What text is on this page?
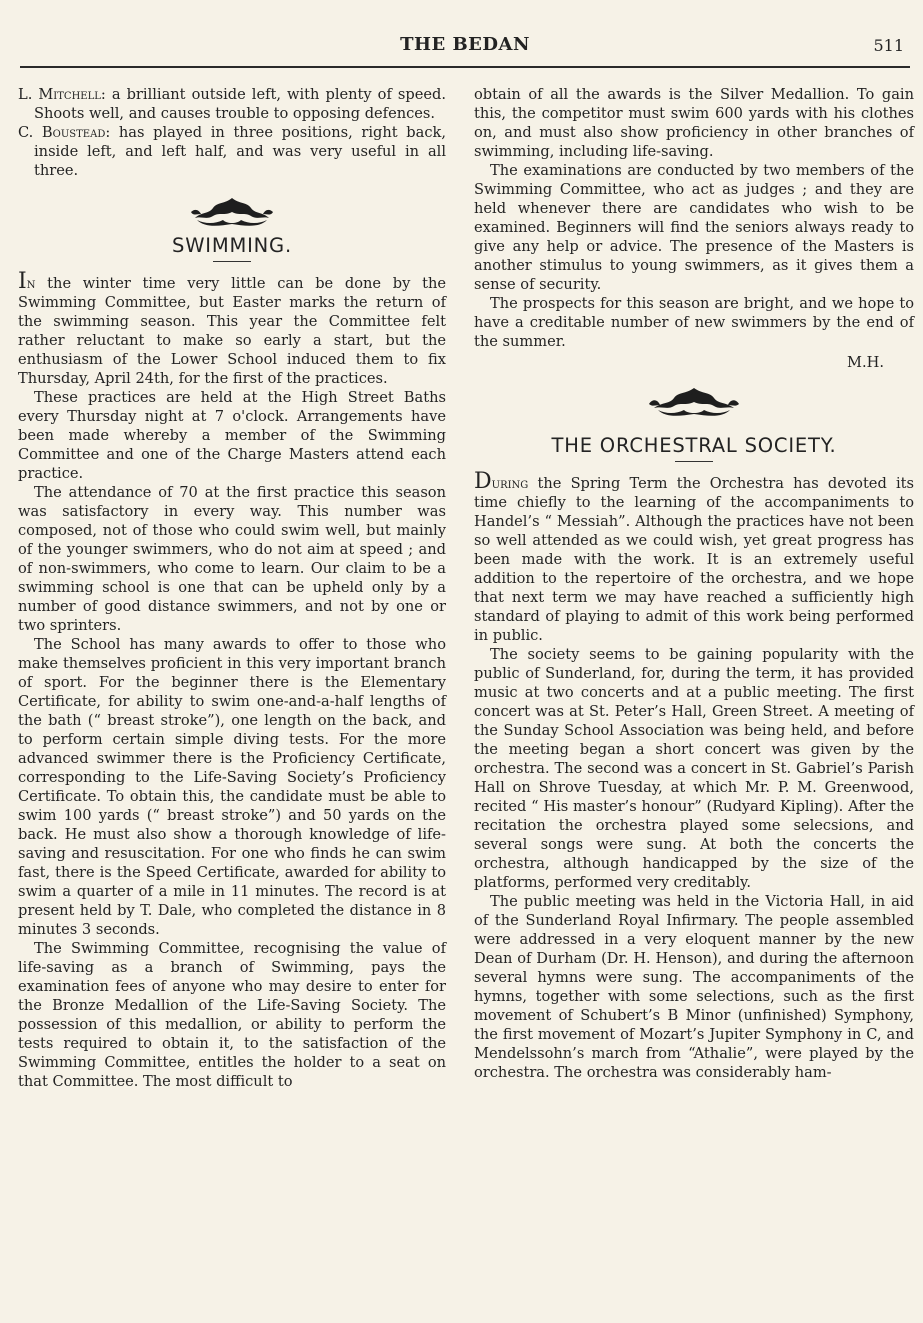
THE BEDAN	511

L. Mitchell: a brilliant outside left, with plenty of speed. Shoots well, and causes trouble to opposing defences.

C. Boustead: has played in three positions, right back, inside left, and left half, and was very useful in all three.

SWIMMING.

In the winter time very little can be done by the Swimming Committee, but Easter marks the return of the swimming season. This year the Committee felt rather reluctant to make so early a start, but the enthusiasm of the Lower School induced them to fix Thursday, April 24th, for the first of the practices.

These practices are held at the High Street Baths every Thursday night at 7 o'clock. Arrangements have been made whereby a member of the Swimming Committee and one of the Charge Masters attend each practice.

The attendance of 70 at the first practice this season was satisfactory in every way. This number was composed, not of those who could swim well, but mainly of the younger swimmers, who do not aim at speed ; and of non-swimmers, who come to learn. Our claim to be a swimming school is one that can be upheld only by a number of good distance swimmers, and not by one or two sprinters.

The School has many awards to offer to those who make themselves proficient in this very important branch of sport. For the beginner there is the Elementary Certificate, for ability to swim one-and-a-half lengths of the bath (“ breast stroke”), one length on the back, and to perform certain simple diving tests. For the more advanced swimmer there is the Proficiency Certificate, corresponding to the Life-Saving Society’s Proficiency Certificate. To obtain this, the candidate must be able to swim 100 yards (“ breast stroke”) and 50 yards on the back. He must also show a thorough knowledge of life-saving and resuscitation. For one who finds he can swim fast, there is the Speed Certificate, awarded for ability to swim a quarter of a mile in 11 minutes. The record is at present held by T. Dale, who completed the distance in 8 minutes 3 seconds.

The Swimming Committee, recognising the value of life-saving as a branch of Swimming, pays the examination fees of anyone who may desire to enter for the Bronze Medallion of the Life-Saving Society. The possession of this medallion, or ability to perform the tests required to obtain it, to the satisfaction of the Swimming Committee, entitles the holder to a seat on that Committee. The most difficult to

obtain of all the awards is the Silver Medallion. To gain this, the competitor must swim 600 yards with his clothes on, and must also show proficiency in other branches of swimming, including life-saving.

The examinations are conducted by two members of the Swimming Committee, who act as judges ; and they are held whenever there are candidates who wish to be examined. Beginners will find the seniors always ready to give any help or advice. The presence of the Masters is another stimulus to young swimmers, as it gives them a sense of security.

The prospects for this season are bright, and we hope to have a creditable number of new swimmers by the end of the summer.

M.H.
THE ORCHESTRAL SOCIETY.

During the Spring Term the Orchestra has devoted its time chiefly to the learning of the accompaniments to Handel’s “ Messiah”. Although the practices have not been so well attended as we could wish, yet great progress has been made with the work. It is an extremely useful addition to the repertoire of the orchestra, and we hope that next term we may have reached a sufficiently high standard of playing to admit of this work being performed in public.

The society seems to be gaining popularity with the public of Sunderland, for, during the term, it has provided music at two concerts and at a public meeting. The first concert was at St. Peter’s Hall, Green Street. A meeting of the Sunday School Association was being held, and before the meeting began a short concert was given by the orchestra. The second was a concert in St. Gabriel’s Parish Hall on Shrove Tuesday, at which Mr. P. M. Greenwood, recited “ His master’s honour” (Rudyard Kipling). After the recitation the orchestra played some selecsions, and several songs were sung. At both the concerts the orchestra, although handicapped by the size of the platforms, performed very creditably.

The public meeting was held in the Victoria Hall, in aid of the Sunderland Royal Infirmary. The people assembled were addressed in a very eloquent manner by the new Dean of Durham (Dr. H. Henson), and during the afternoon several hymns were sung. The accompaniments of the hymns, together with some selections, such as the first movement of Schubert’s B Minor (unfinished) Symphony, the first movement of Mozart’s Jupiter Symphony in C, and Mendelssohn’s march from “Athalie”, were played by the orchestra. The orchestra was considerably ham-
